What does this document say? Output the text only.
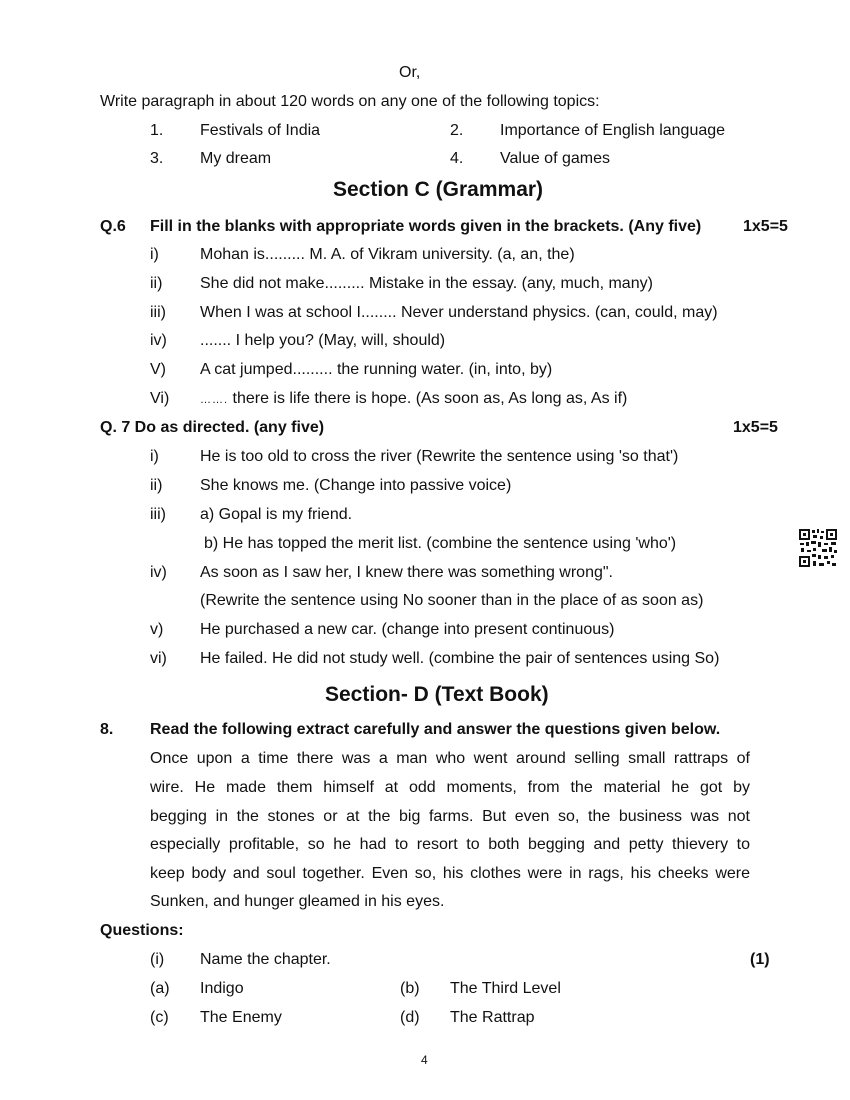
Or,
Write paragraph in about 120 words on any one of the following topics:
1. Festivals of India	2. Importance of English language
3. My dream	4. Value of games
Section C (Grammar)
Q.6 Fill in the blanks with appropriate words given in the brackets. (Any five)	1x5=5
i)	Mohan is......... M. A. of Vikram university. (a, an, the)
ii) She did not make......... Mistake in the essay. (any, much, many)
iii) When I was at school I........ Never understand physics. (can, could, may)
iv) ....... I help you? (May, will, should)
V) A cat jumped......... the running water. (in, into, by)
Vi)	……. there is life there is hope. (As soon as, As long as, As if)
Q. 7 Do as directed. (any five)	1x5=5
i)	He is too old to cross the river (Rewrite the sentence using 'so that')
ii) She knows me. (Change into passive voice)
iii) a) Gopal is my friend.
b) He has topped the merit list. (combine the sentence using 'who')
iv) As soon as I saw her, I knew there was something wrong".
(Rewrite the sentence using No sooner than in the place of as soon as)
v) He purchased a new car. (change into present continuous)
vi) He failed. He did not study well. (combine the pair of sentences using So)
Section- D (Text Book)
8. Read the following extract carefully and answer the questions given below.
Once upon a time there was a man who went around selling small rattraps of
wire. He made them himself at odd moments, from the material he got by
begging in the stones or at the big farms. But even so, the business was not
especially profitable, so he had to resort to both begging and petty thievery to
keep body and soul together. Even so, his clothes were in rags, his cheeks were
Sunken, and hunger gleamed in his eyes.
Questions:
(i) Name the chapter.	(1)
(a) Indigo	(b) The Third Level
(c) The Enemy	(d) The Rattrap
4
